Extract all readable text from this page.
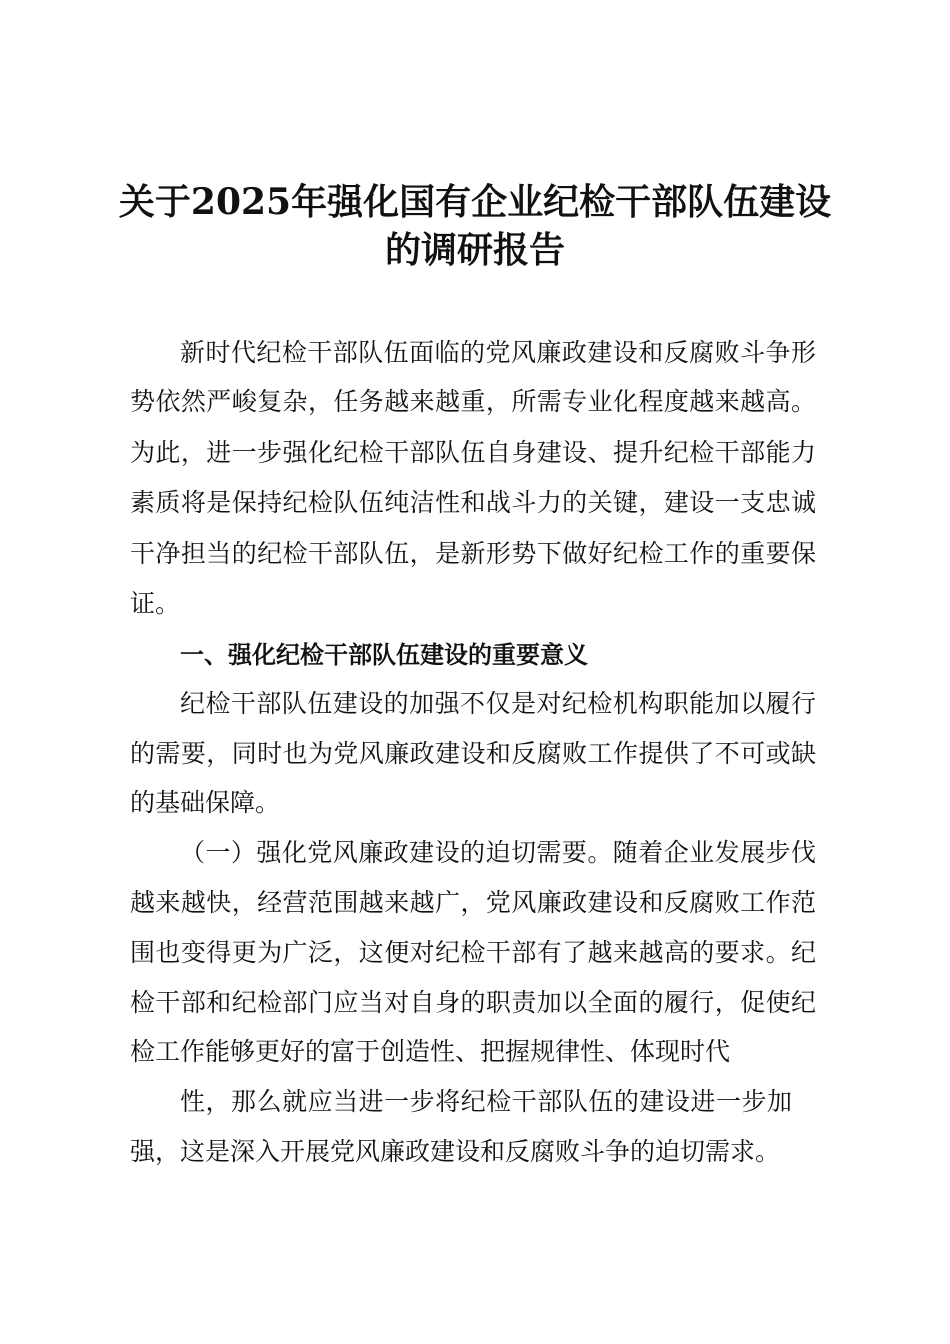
关于2025年强化国有企业纪检干部队伍建设
的调研报告
新时代纪检干部队伍面临的党风廉政建设和反腐败斗争形
势依然严峻复杂，任务越来越重，所需专业化程度越来越高。
为此，进一步强化纪检干部队伍自身建设、提升纪检干部能力
素质将是保持纪检队伍纯洁性和战斗力的关键，建设一支忠诚
干净担当的纪检干部队伍，是新形势下做好纪检工作的重要保
证。
一、强化纪检干部队伍建设的重要意义
纪检干部队伍建设的加强不仅是对纪检机构职能加以履行
的需要，同时也为党风廉政建设和反腐败工作提供了不可或缺
的基础保障。
（一）强化党风廉政建设的迫切需要。随着企业发展步伐
越来越快，经营范围越来越广，党风廉政建设和反腐败工作范
围也变得更为广泛，这便对纪检干部有了越来越高的要求。纪
检干部和纪检部门应当对自身的职责加以全面的履行，促使纪
检工作能够更好的富于创造性、把握规律性、体现时代
性，那么就应当进一步将纪检干部队伍的建设进一步加
强，这是深入开展党风廉政建设和反腐败斗争的迫切需求。
